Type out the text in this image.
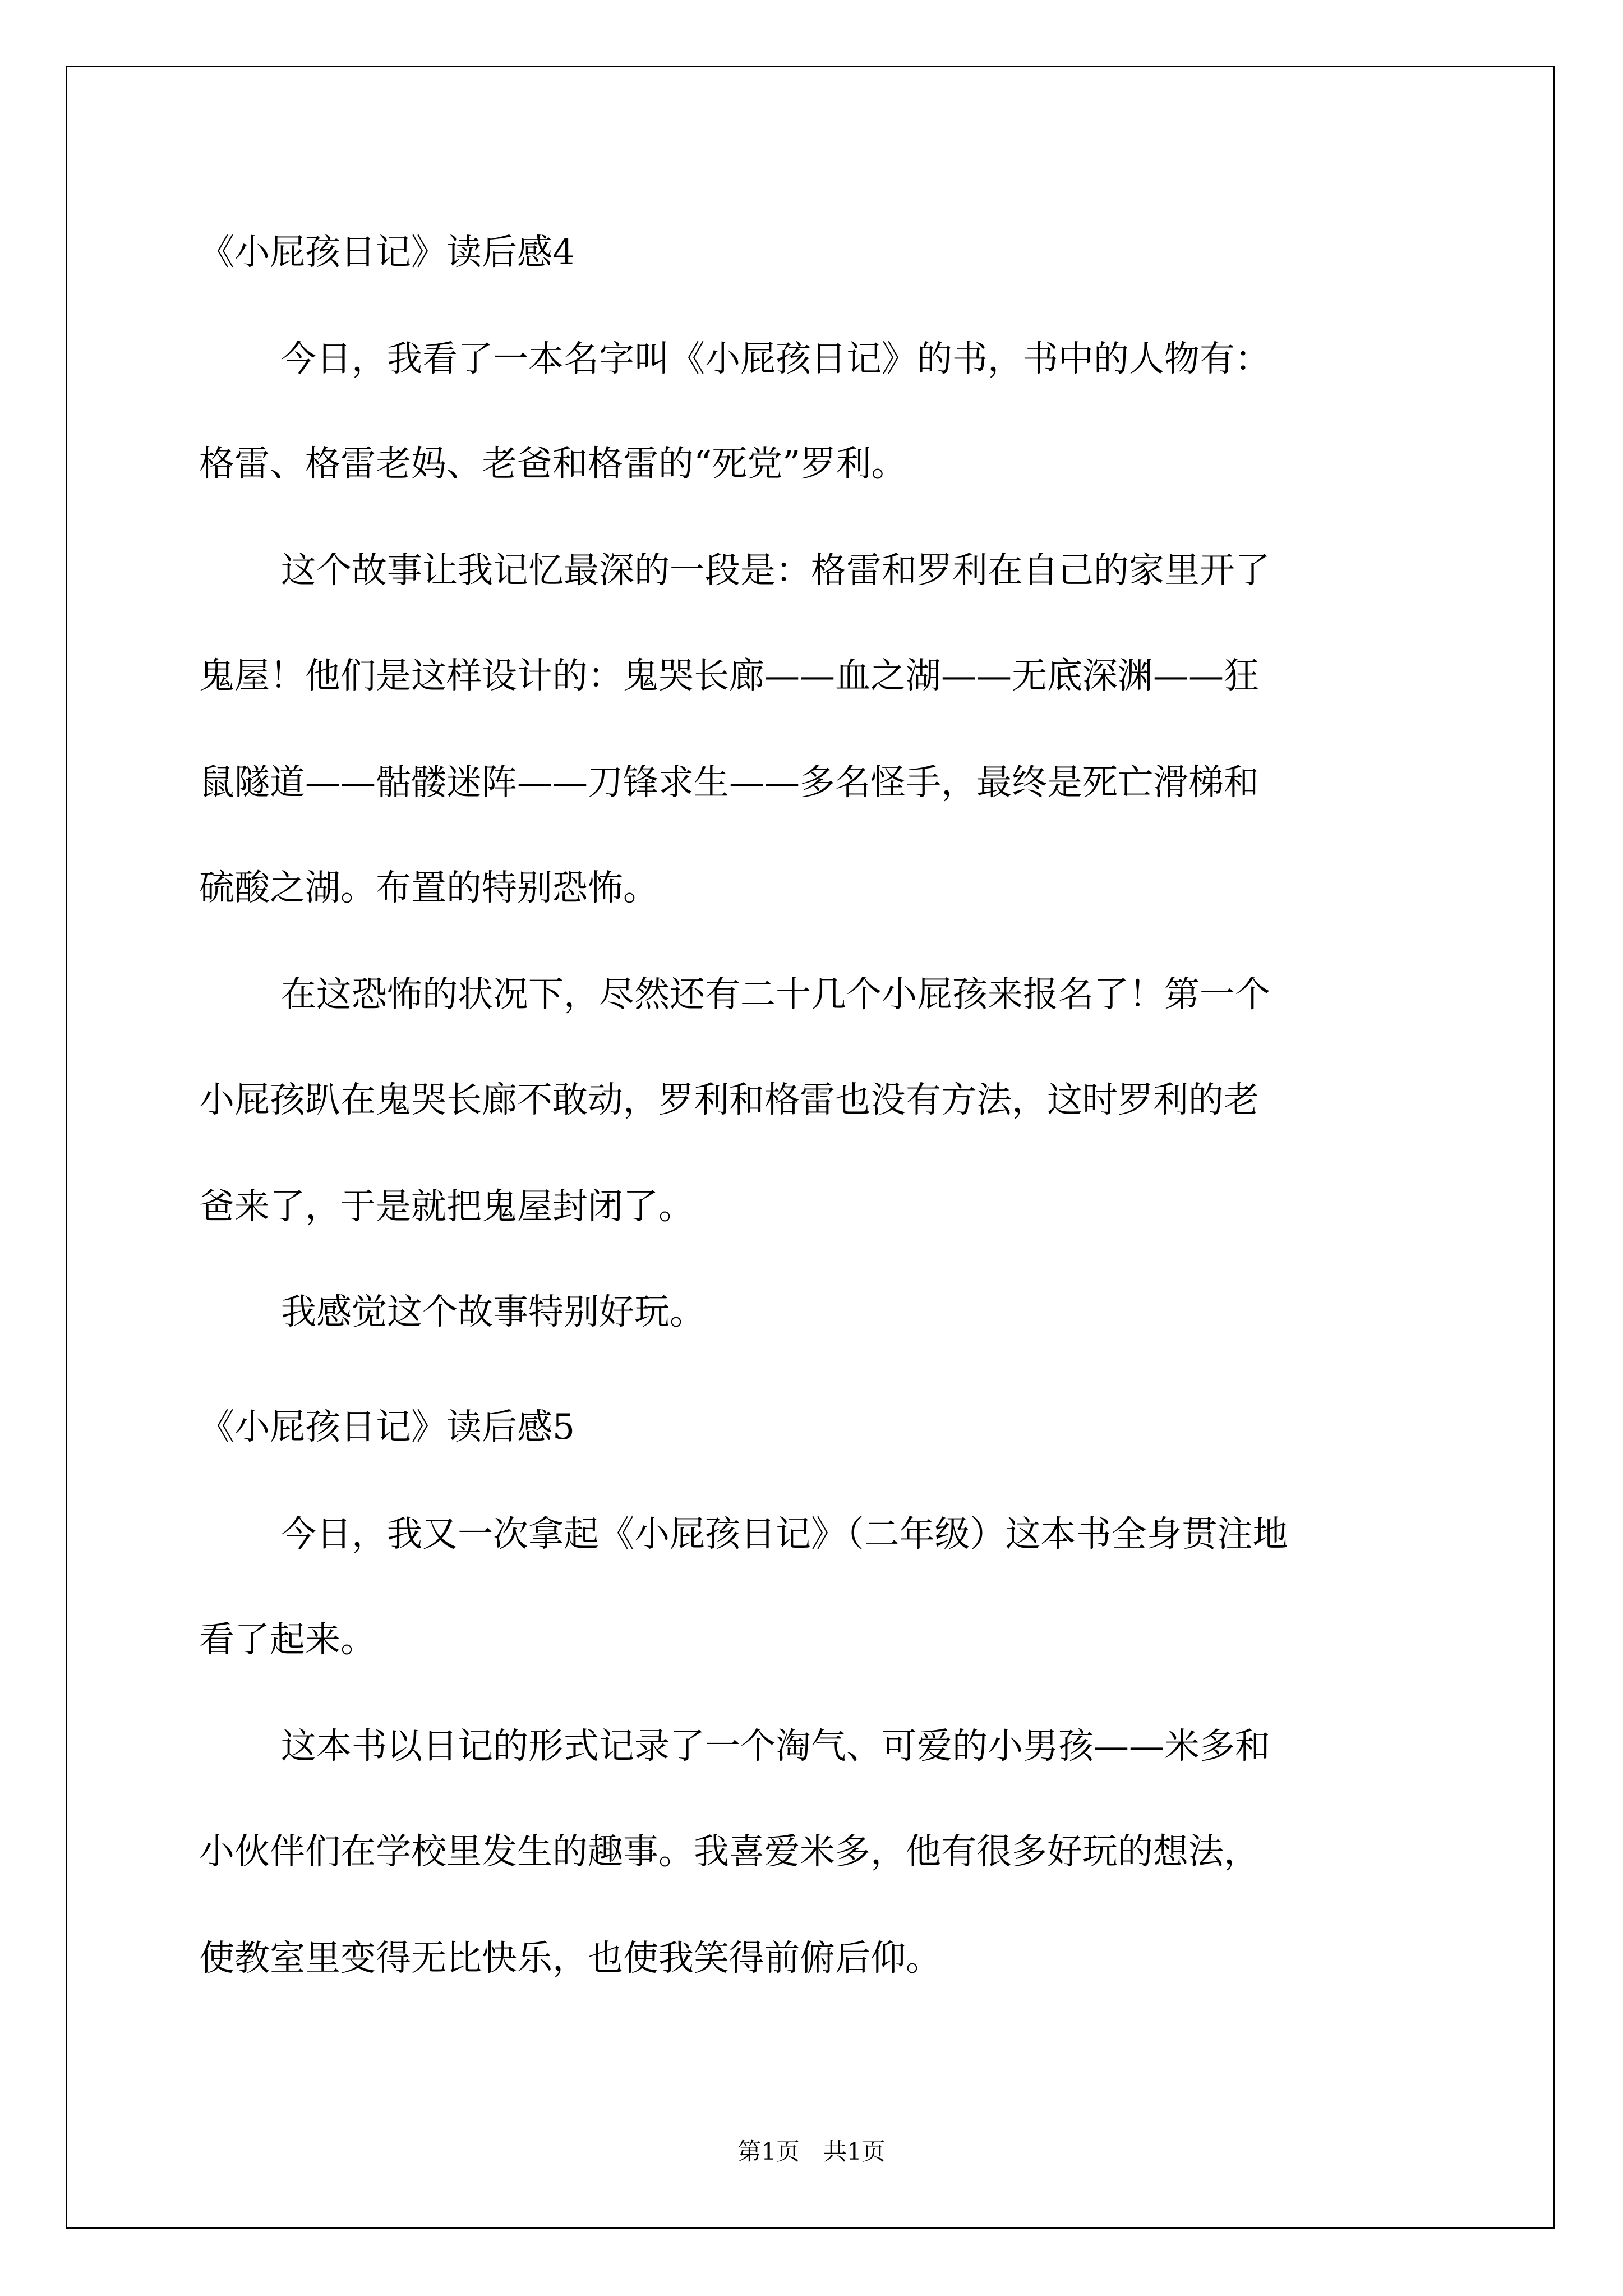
《小屁孩日记》读后感4
今日，我看了一本名字叫《小屁孩日记》的书，书中的人物有：
格雷、格雷老妈、老爸和格雷的“死党”罗利。
这个故事让我记忆最深的一段是：格雷和罗利在自己的家里开了
鬼屋！他们是这样设计的：鬼哭长廊——血之湖——无底深渊——狂
鼠隧道——骷髅迷阵——刀锋求生——多名怪手，最终是死亡滑梯和
硫酸之湖。布置的特别恐怖。
在这恐怖的状况下，尽然还有二十几个小屁孩来报名了！第一个
小屁孩趴在鬼哭长廊不敢动，罗利和格雷也没有方法，这时罗利的老
爸来了，于是就把鬼屋封闭了。
我感觉这个故事特别好玩。
《小屁孩日记》读后感5
今日，我又一次拿起《小屁孩日记》（二年级）这本书全身贯注地
看了起来。
这本书以日记的形式记录了一个淘气、可爱的小男孩——米多和
小伙伴们在学校里发生的趣事。我喜爱米多，他有很多好玩的想法，
使教室里变得无比快乐，也使我笑得前俯后仰。
第1页 共1页
